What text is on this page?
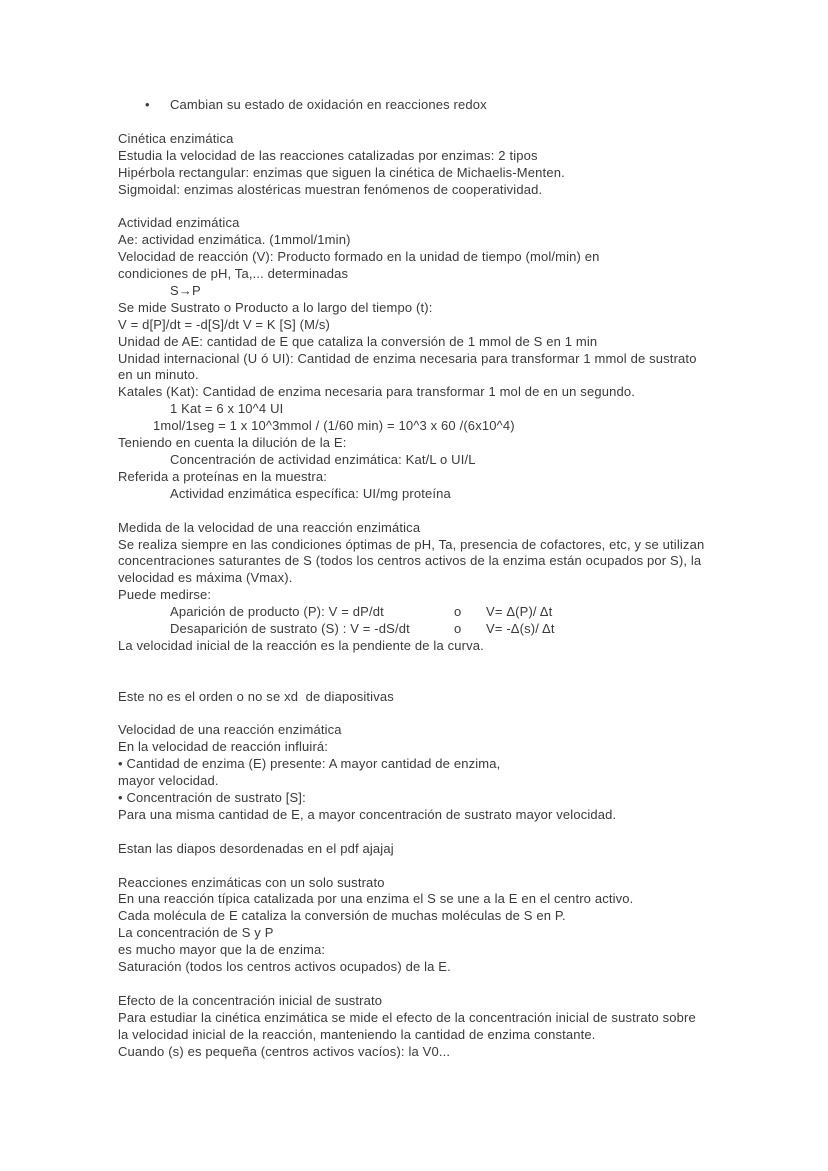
• Cambian su estado de oxidación en reacciones redox
Cinética enzimática
Estudia la velocidad de las reacciones catalizadas por enzimas: 2 tipos
Hipérbola rectangular: enzimas que siguen la cinética de Michaelis-Menten.
Sigmoidal: enzimas alostéricas muestran fenómenos de cooperatividad.
Actividad enzimática
Ae: actividad enzimática. (1mmol/1min)
Velocidad de reacción (V): Producto formado en la unidad de tiempo (mol/min) en
condiciones de pH, Ta,... determinadas
S→P
Se mide Sustrato o Producto a lo largo del tiempo (t):
V = d[P]/dt = -d[S]/dt V = K [S] (M/s)
Unidad de AE: cantidad de E que cataliza la conversión de 1 mmol de S en 1 min
Unidad internacional (U ó UI): Cantidad de enzima necesaria para transformar 1 mmol de sustrato
en un minuto.
Katales (Kat): Cantidad de enzima necesaria para transformar 1 mol de en un segundo.
1 Kat = 6 x 10^4 UI
1mol/1seg = 1 x 10^3mmol / (1/60 min) = 10^3 x 60 /(6x10^4)
Teniendo en cuenta la dilución de la E:
Concentración de actividad enzimática: Kat/L o UI/L
Referida a proteínas en la muestra:
Actividad enzimática específica: UI/mg proteína
Medida de la velocidad de una reacción enzimática
Se realiza siempre en las condiciones óptimas de pH, Ta, presencia de cofactores, etc, y se utilizan
concentraciones saturantes de S (todos los centros activos de la enzima están ocupados por S), la
velocidad es máxima (Vmax).
Puede medirse:
Aparición de producto (P): V = dP/dt	o V= Δ(P)/ Δt
Desaparición de sustrato (S) : V = -dS/dt	o V= -Δ(s)/ Δt
La velocidad inicial de la reacción es la pendiente de la curva.
Este no es el orden o no se xd  de diapositivas
Velocidad de una reacción enzimática
En la velocidad de reacción influirá:
• Cantidad de enzima (E) presente: A mayor cantidad de enzima,
mayor velocidad.
• Concentración de sustrato [S]:
Para una misma cantidad de E, a mayor concentración de sustrato mayor velocidad.
Estan las diapos desordenadas en el pdf ajajaj
Reacciones enzimáticas con un solo sustrato
En una reacción típica catalizada por una enzima el S se une a la E en el centro activo.
Cada molécula de E cataliza la conversión de muchas moléculas de S en P.
La concentración de S y P
es mucho mayor que la de enzima:
Saturación (todos los centros activos ocupados) de la E.
Efecto de la concentración inicial de sustrato
Para estudiar la cinética enzimática se mide el efecto de la concentración inicial de sustrato sobre
la velocidad inicial de la reacción, manteniendo la cantidad de enzima constante.
Cuando (s) es pequeña (centros activos vacíos): la V0...
